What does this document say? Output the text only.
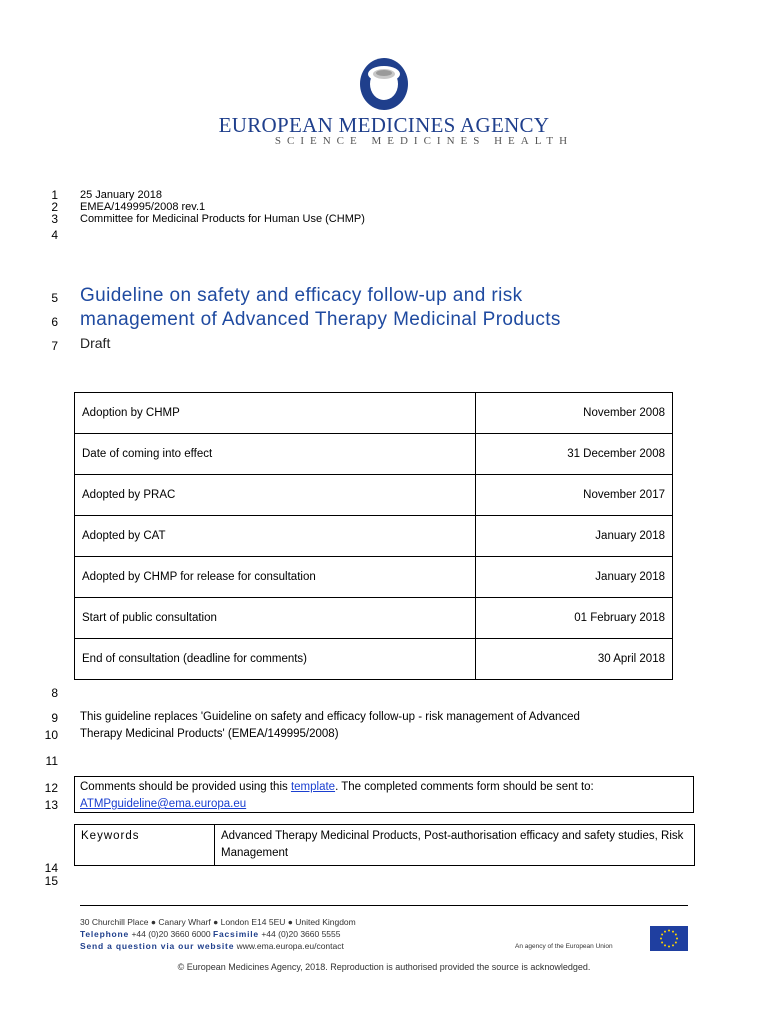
EUROPEAN MEDICINES AGENCY
SCIENCE MEDICINES HEALTH
1 25 January 2018
2 EMEA/149995/2008 rev.1
3 Committee for Medicinal Products for Human Use (CHMP)
4
5 Guideline on safety and efficacy follow-up and risk
6 management of Advanced Therapy Medicinal Products
7 Draft
Adoption by CHMP	November 2008
Date of coming into effect	31 December 2008
Adopted by PRAC	November 2017
Adopted by CAT	January 2018
Adopted by CHMP for release for consultation	January 2018
Start of public consultation	01 February 2018
End of consultation (deadline for comments)	30 April 2018
8
9 This guideline replaces 'Guideline on safety and efficacy follow-up - risk management of Advanced
10 Therapy Medicinal Products' (EMEA/149995/2008)
11
12 Comments should be provided using this template. The completed comments form should be sent to:
13 ATMPguideline@ema.europa.eu
Keywords	Advanced Therapy Medicinal Products, Post-authorisation efficacy and safety studies, Risk Management
14
15
30 Churchill Place ● Canary Wharf ● London E14 5EU ● United Kingdom
Telephone +44 (0)20 3660 6000 Facsimile +44 (0)20 3660 5555
Send a question via our website www.ema.europa.eu/contact	An agency of the European Union
© European Medicines Agency, 2018. Reproduction is authorised provided the source is acknowledged.
